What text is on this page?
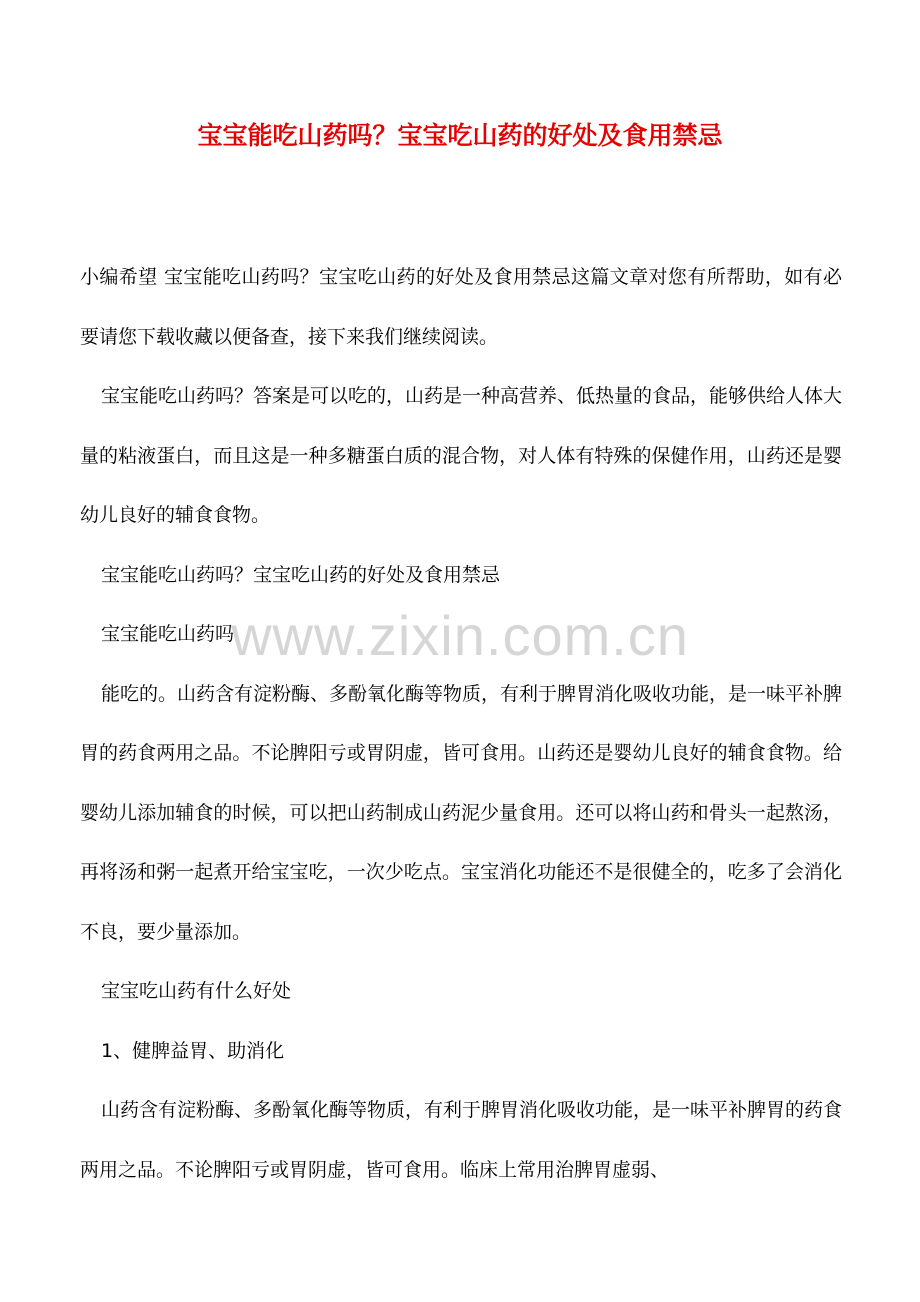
宝宝能吃山药吗？宝宝吃山药的好处及食用禁忌

小编希望 宝宝能吃山药吗？宝宝吃山药的好处及食用禁忌这篇文章对您有所帮助，如有必要请您下载收藏以便备查，接下来我们继续阅读。

宝宝能吃山药吗？答案是可以吃的，山药是一种高营养、低热量的食品，能够供给人体大量的粘液蛋白，而且这是一种多糖蛋白质的混合物，对人体有特殊的保健作用，山药还是婴幼儿良好的辅食食物。

宝宝能吃山药吗？宝宝吃山药的好处及食用禁忌

宝宝能吃山药吗

能吃的。山药含有淀粉酶、多酚氧化酶等物质，有利于脾胃消化吸收功能，是一味平补脾胃的药食两用之品。不论脾阳亏或胃阴虚，皆可食用。山药还是婴幼儿良好的辅食食物。给婴幼儿添加辅食的时候，可以把山药制成山药泥少量食用。还可以将山药和骨头一起熬汤，再将汤和粥一起煮开给宝宝吃，一次少吃点。宝宝消化功能还不是很健全的，吃多了会消化不良，要少量添加。

宝宝吃山药有什么好处

1、健脾益胃、助消化

山药含有淀粉酶、多酚氧化酶等物质，有利于脾胃消化吸收功能，是一味平补脾胃的药食两用之品。不论脾阳亏或胃阴虚，皆可食用。临床上常用治脾胃虚弱、

www.zixin.com.cn
